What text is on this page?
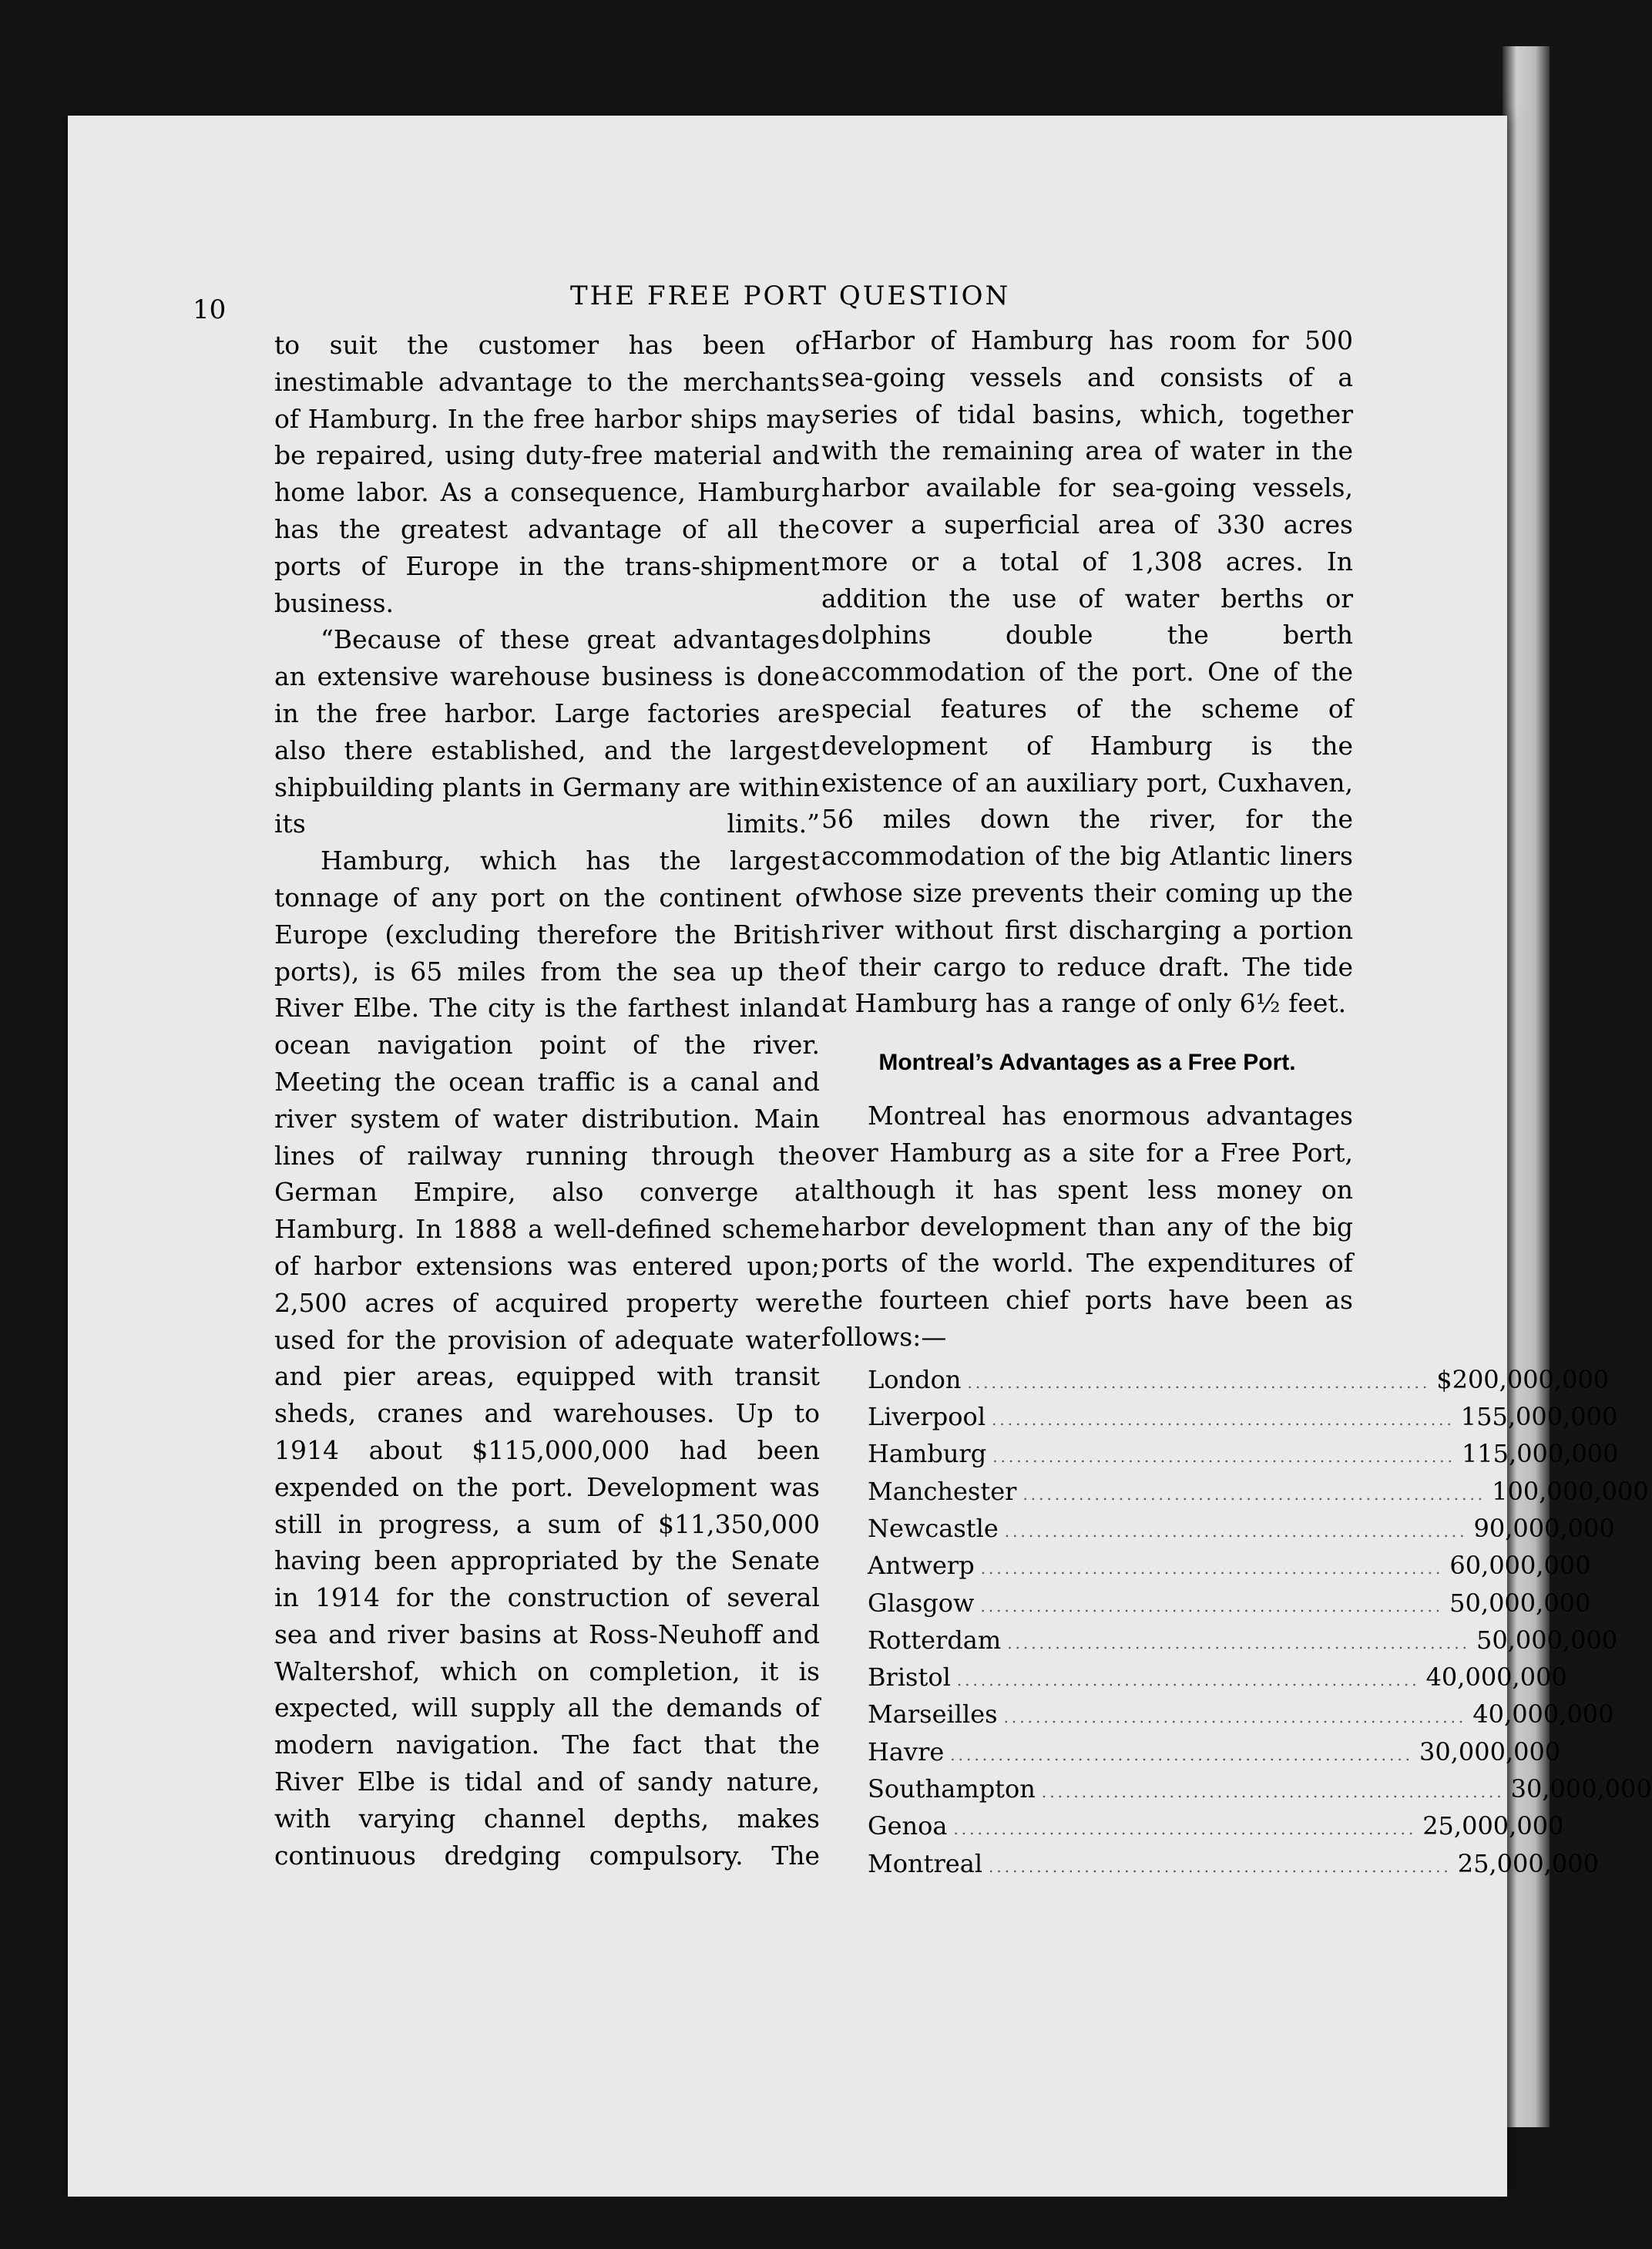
10	THE FREE PORT QUESTION

to suit the customer has been of inestimable advantage to the merchants of Hamburg. In the free harbor ships may be repaired, using duty-free material and home labor. As a consequence, Hamburg has the greatest advantage of all the ports of Europe in the trans-shipment business.

“Because of these great advantages an extensive warehouse business is done in the free harbor. Large factories are also there established, and the largest shipbuilding plants in Germany are within its limits.”

Hamburg, which has the largest tonnage of any port on the continent of Europe (excluding therefore the British ports), is 65 miles from the sea up the River Elbe. The city is the farthest inland ocean navigation point of the river. Meeting the ocean traffic is a canal and river system of water distribution. Main lines of railway running through the German Empire, also converge at Hamburg. In 1888 a well-defined scheme of harbor extensions was entered upon; 2,500 acres of acquired property were used for the provision of adequate water and pier areas, equipped with transit sheds, cranes and warehouses. Up to 1914 about $115,000,000 had been expended on the port. Development was still in progress, a sum of $11,350,000 having been appropriated by the Senate in 1914 for the construction of several sea and river basins at Ross-Neuhoff and Waltershof, which on completion, it is expected, will supply all the demands of modern navigation. The fact that the River Elbe is tidal and of sandy nature, with varying channel depths, makes continuous dredging compulsory. The

Harbor of Hamburg has room for 500 sea-going vessels and consists of a series of tidal basins, which, together with the remaining area of water in the harbor available for sea-going vessels, cover a superficial area of 330 acres more or a total of 1,308 acres. In addition the use of water berths or dolphins double the berth accommodation of the port. One of the special features of the scheme of development of Hamburg is the existence of an auxiliary port, Cuxhaven, 56 miles down the river, for the accommodation of the big Atlantic liners whose size prevents their coming up the river without first discharging a portion of their cargo to reduce draft. The tide at Hamburg has a range of only 6½ feet.

Montreal’s Advantages as a Free Port.

Montreal has enormous advantages over Hamburg as a site for a Free Port, although it has spent less money on harbor development than any of the big ports of the world. The expenditures of the fourteen chief ports have been as follows:—

London .......................................................... $200,000,000
Liverpool .......................................................... 155,000,000
Hamburg .......................................................... 115,000,000
Manchester .......................................................... 100,000,000
Newcastle .......................................................... 90,000,000
Antwerp .......................................................... 60,000,000
Glasgow .......................................................... 50,000,000
Rotterdam .......................................................... 50,000,000
Bristol .......................................................... 40,000,000
Marseilles .......................................................... 40,000,000
Havre .......................................................... 30,000,000
Southampton .......................................................... 30,000,000
Genoa .......................................................... 25,000,000
Montreal .......................................................... 25,000,000
